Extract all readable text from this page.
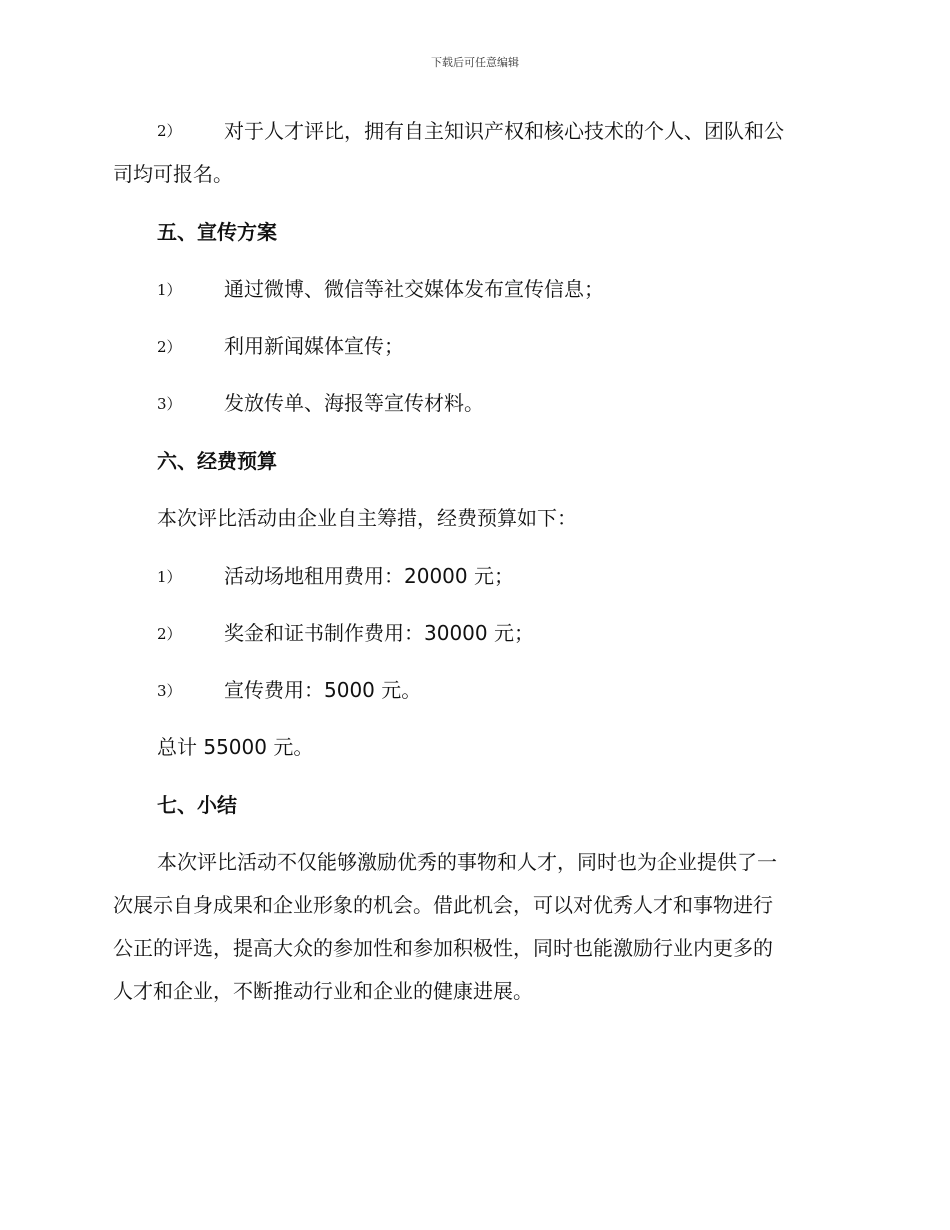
下载后可任意编辑
2） 对于人才评比，拥有自主知识产权和核心技术的个人、团队和公
司均可报名。
五、宣传方案
1） 通过微博、微信等社交媒体发布宣传信息；
2） 利用新闻媒体宣传；
3） 发放传单、海报等宣传材料。
六、经费预算
本次评比活动由企业自主筹措，经费预算如下：
1） 活动场地租用费用：20000 元；
2） 奖金和证书制作费用：30000 元；
3） 宣传费用：5000 元。
总计 55000 元。
七、小结
本次评比活动不仅能够激励优秀的事物和人才，同时也为企业提供了一
次展示自身成果和企业形象的机会。借此机会，可以对优秀人才和事物进行
公正的评选，提高大众的参加性和参加积极性，同时也能激励行业内更多的
人才和企业，不断推动行业和企业的健康进展。
